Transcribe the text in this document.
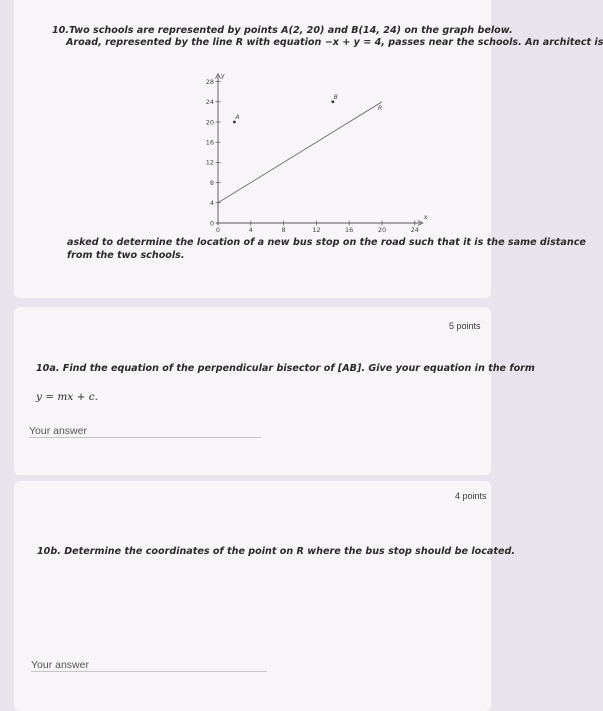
10.Two schools are represented by points A(2, 20) and B(14, 24) on the graph below.
Aroad, represented by the line R with equation −x + y = 4, passes near the schools. An architect is
y
x
28
24
20
16
12
8
4
0
0	4	8	12	16	20	24
R
A
B
asked to determine the location of a new bus stop on the road such that it is the same distance
from the two schools.
5 points
10a. Find the equation of the perpendicular bisector of [AB]. Give your equation in the form
y = mx + c.
Your answer
4 points
10b. Determine the coordinates of the point on R where the bus stop should be located.
Your answer
